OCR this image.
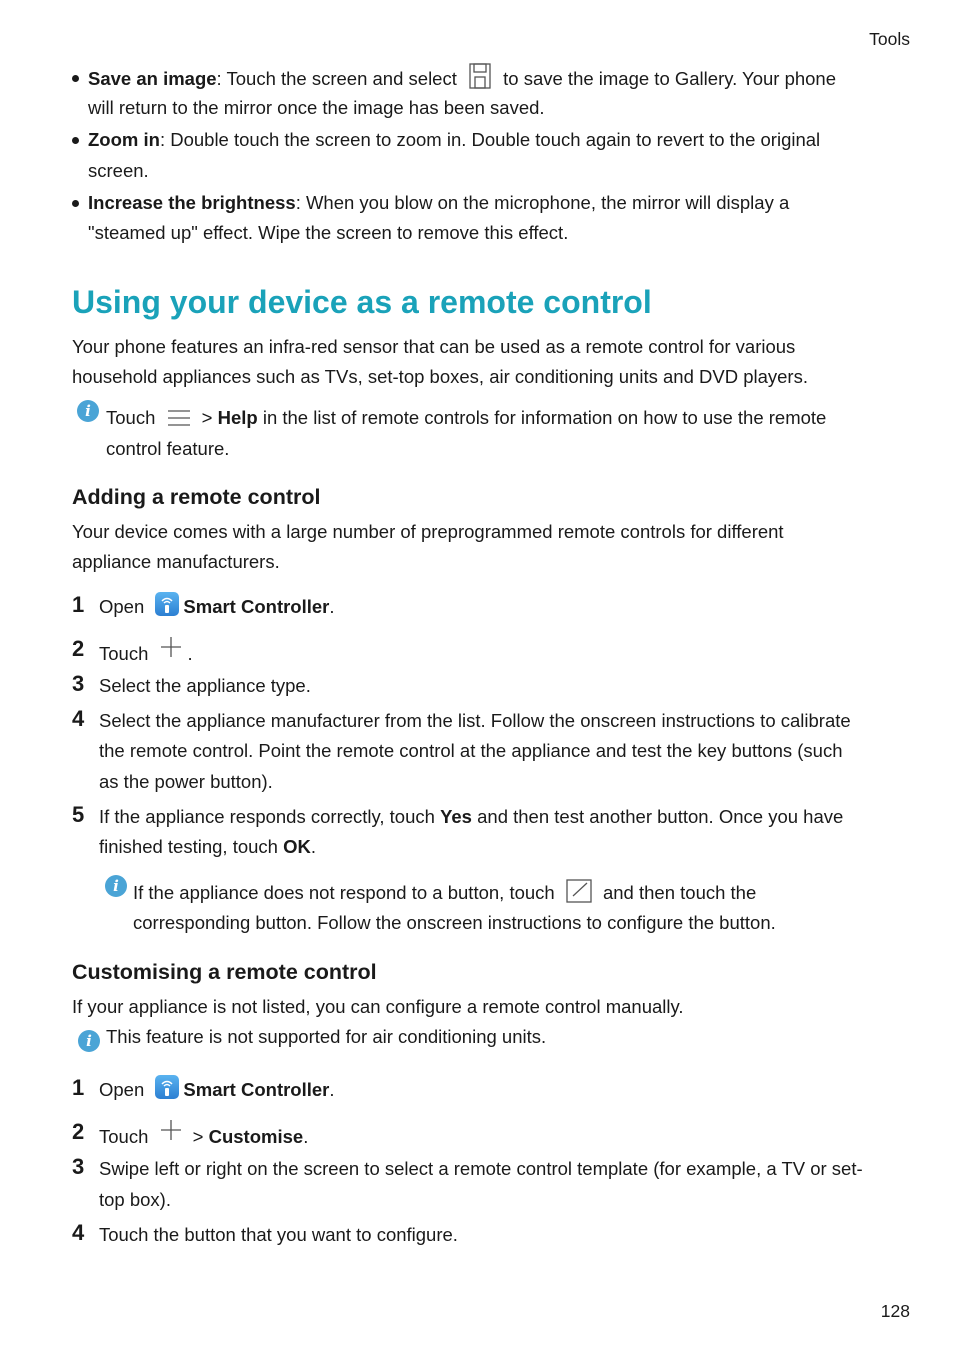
Tools
Save an image: Touch the screen and select  to save the image to Gallery. Your phone
will return to the mirror once the image has been saved.
Zoom in: Double touch the screen to zoom in. Double touch again to revert to the original
screen.
Increase the brightness: When you blow on the microphone, the mirror will display a
"steamed up" effect. Wipe the screen to remove this effect.
Using your device as a remote control
Your phone features an infra-red sensor that can be used as a remote control for various
household appliances such as TVs, set-top boxes, air conditioning units and DVD players.
i Touch  > Help in the list of remote controls for information on how to use the remote
control feature.
Adding a remote control
Your device comes with a large number of preprogrammed remote controls for different
appliance manufacturers.
1 Open Smart Controller.
2 Touch .
3 Select the appliance type.
4 Select the appliance manufacturer from the list. Follow the onscreen instructions to calibrate
the remote control. Point the remote control at the appliance and test the key buttons (such
as the power button).
5 If the appliance responds correctly, touch Yes and then test another button. Once you have
finished testing, touch OK.
i If the appliance does not respond to a button, touch  and then touch the
corresponding button. Follow the onscreen instructions to configure the button.
Customising a remote control
If your appliance is not listed, you can configure a remote control manually.
i This feature is not supported for air conditioning units.
1 Open Smart Controller.
2 Touch  > Customise.
3 Swipe left or right on the screen to select a remote control template (for example, a TV or set-
top box).
4 Touch the button that you want to configure.
128
